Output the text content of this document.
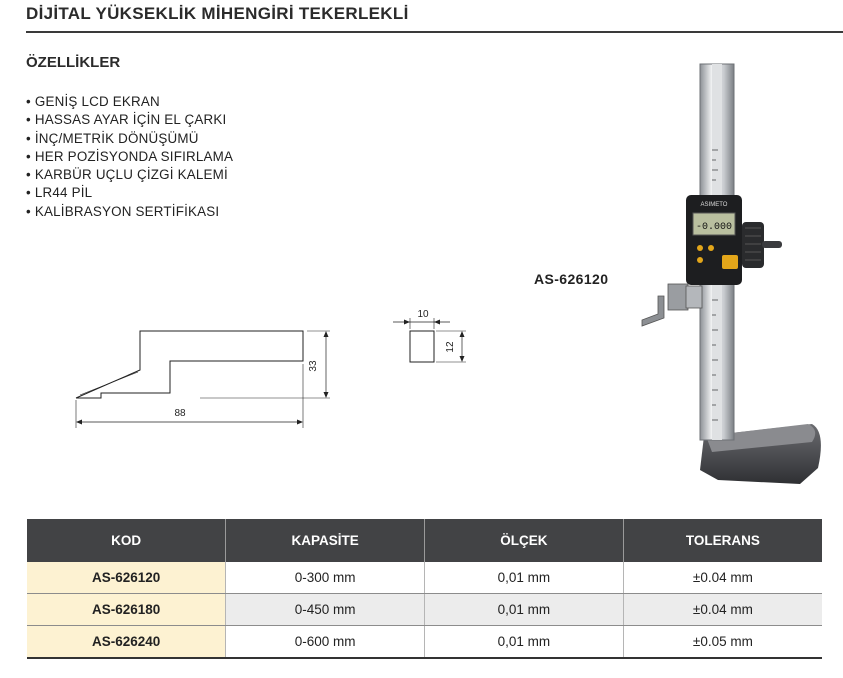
DİJİTAL YÜKSEKLİK MİHENGİRİ TEKERLEKLİ
ÖZELLİKLER
• GENİŞ LCD EKRAN
• HASSAS AYAR İÇİN EL ÇARKI
• İNÇ/METRİK DÖNÜŞÜMÜ
• HER POZİSYONDA SIFIRLAMA
• KARBÜR UÇLU ÇİZGİ KALEMİ
• LR44 PİL
• KALİBRASYON SERTİFİKASI
AS-626120
33
88
10
12
-0.000
ASIMETO
KOD	KAPASİTE	ÖLÇEK	TOLERANS
AS-626120	0-300 mm	0,01 mm	±0.04 mm
AS-626180	0-450 mm	0,01 mm	±0.04 mm
AS-626240	0-600 mm	0,01 mm	±0.05 mm
